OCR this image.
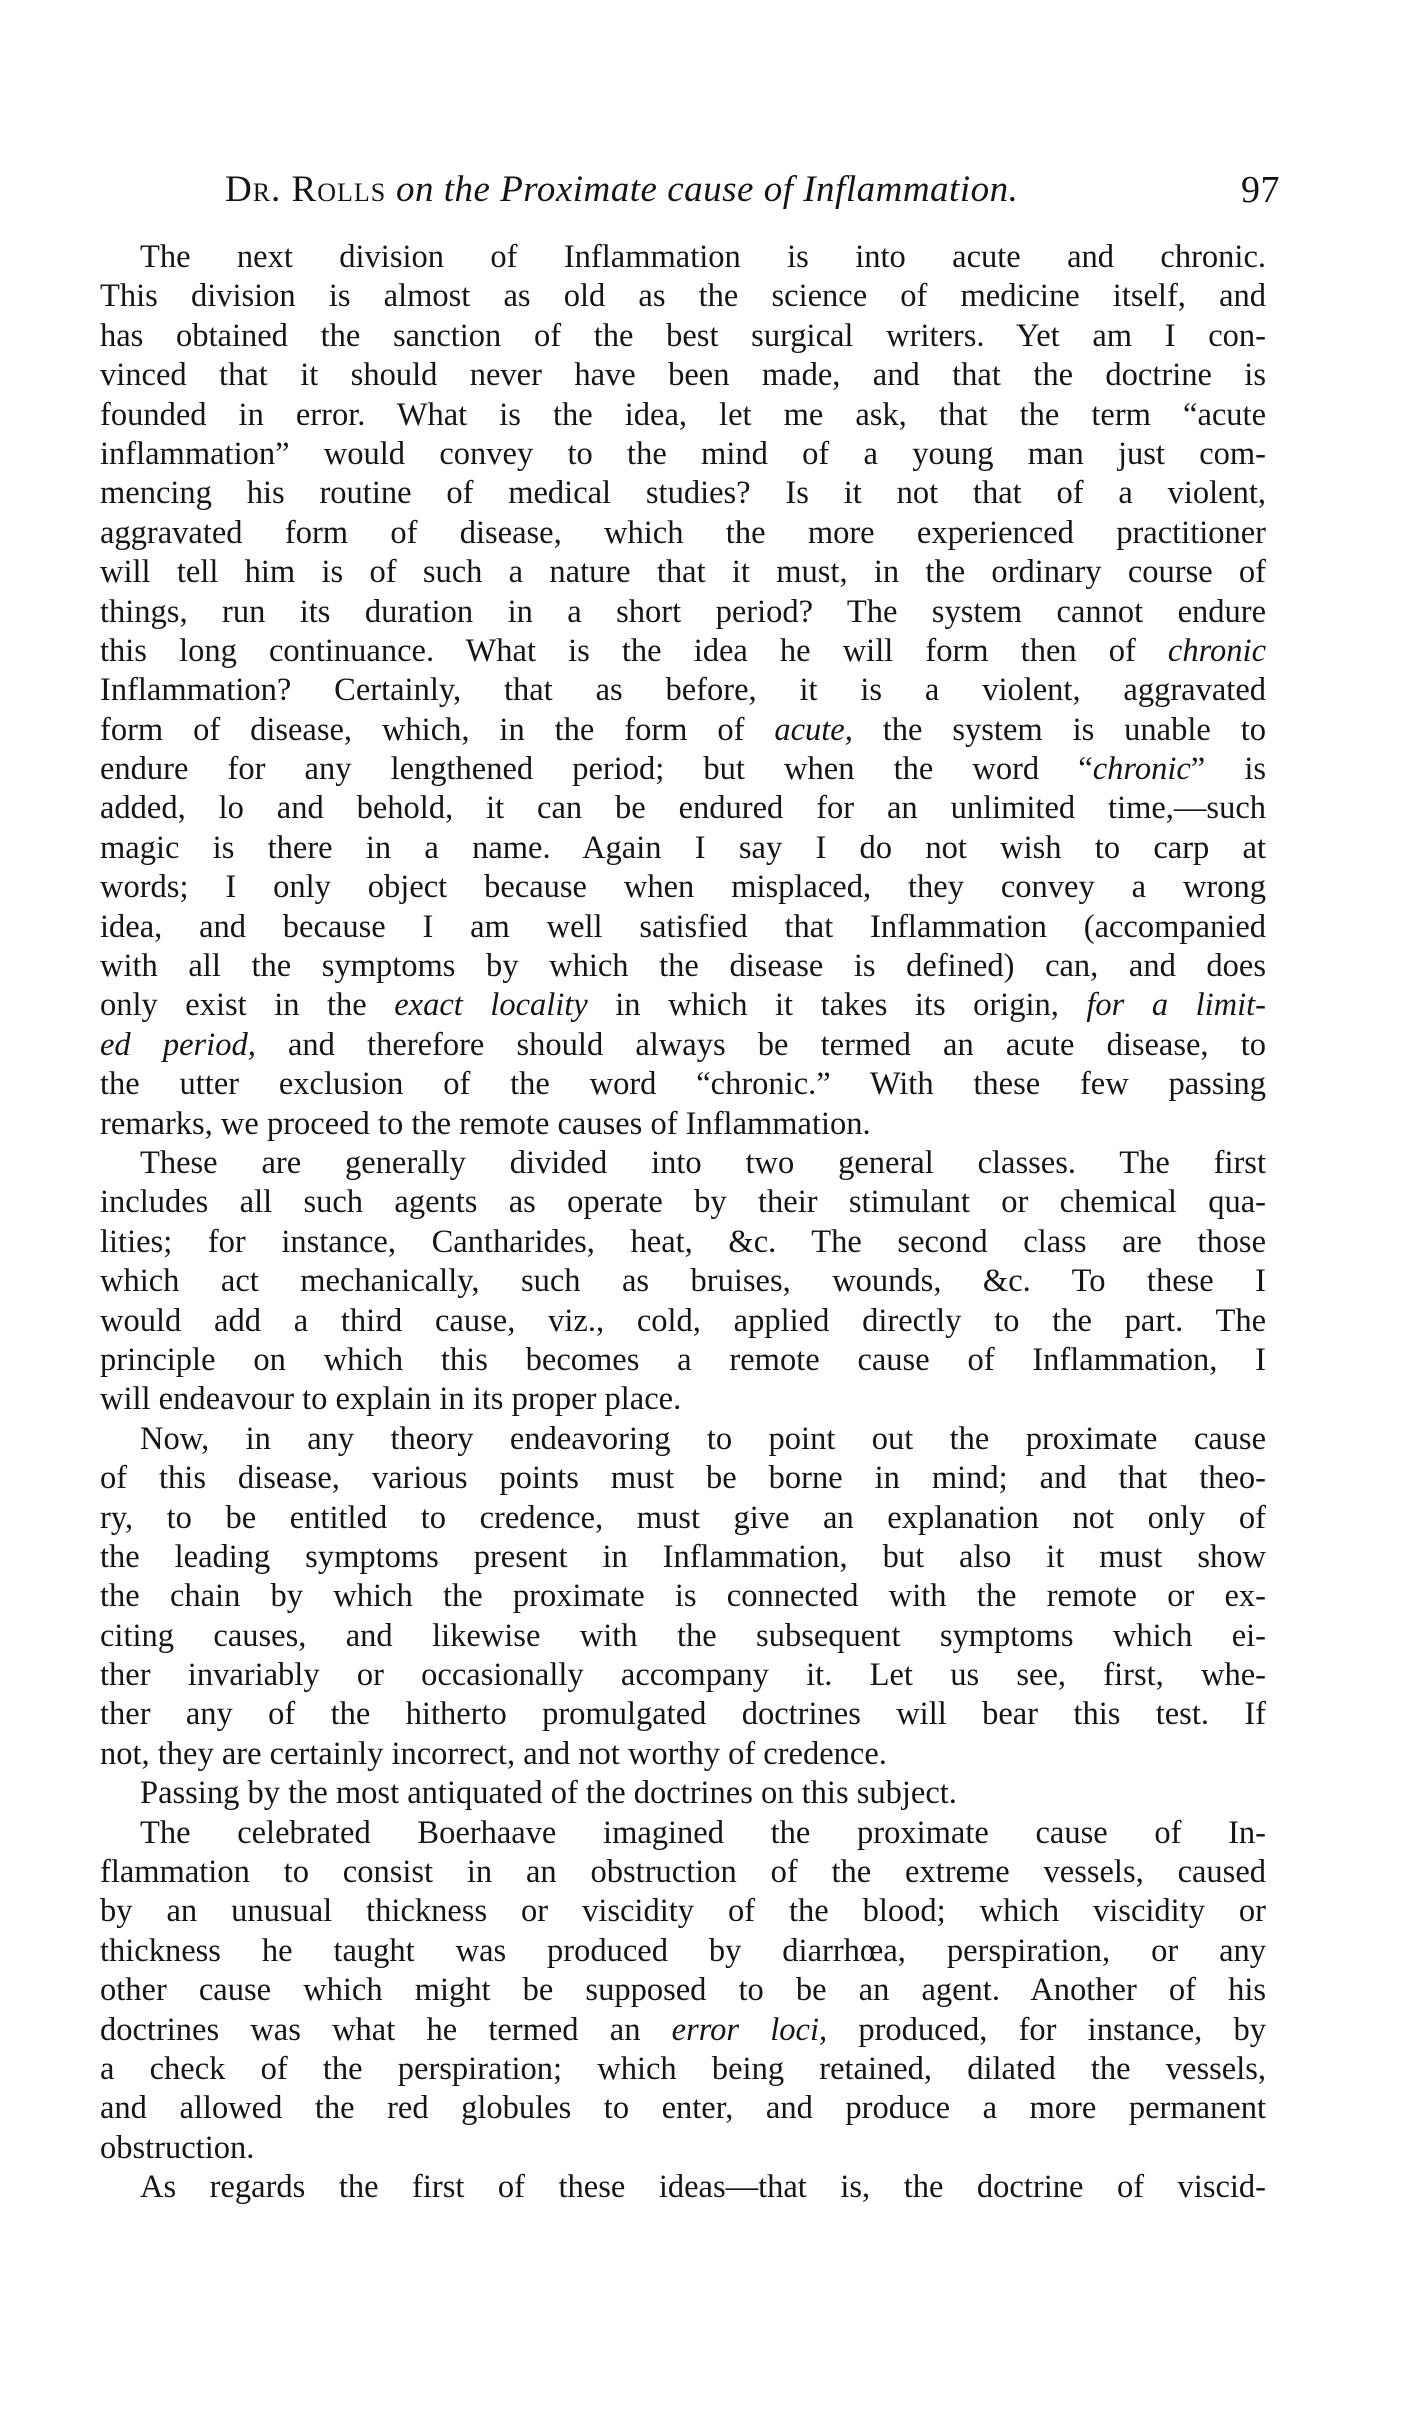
Dr. Rolls on the Proximate cause of Inflammation.	97
The next division of Inflammation is into acute and chronic.
This division is almost as old as the science of medicine itself, and
has obtained the sanction of the best surgical writers. Yet am I con-
vinced that it should never have been made, and that the doctrine is
founded in error. What is the idea, let me ask, that the term “acute
inflammation” would convey to the mind of a young man just com-
mencing his routine of medical studies? Is it not that of a violent,
aggravated form of disease, which the more experienced practitioner
will tell him is of such a nature that it must, in the ordinary course of
things, run its duration in a short period? The system cannot endure
this long continuance. What is the idea he will form then of chronic
Inflammation? Certainly, that as before, it is a violent, aggravated
form of disease, which, in the form of acute, the system is unable to
endure for any lengthened period; but when the word “chronic” is
added, lo and behold, it can be endured for an unlimited time,—such
magic is there in a name. Again I say I do not wish to carp at
words; I only object because when misplaced, they convey a wrong
idea, and because I am well satisfied that Inflammation (accompanied
with all the symptoms by which the disease is defined) can, and does
only exist in the exact locality in which it takes its origin, for a limit-
ed period, and therefore should always be termed an acute disease, to
the utter exclusion of the word “chronic.” With these few passing
remarks, we proceed to the remote causes of Inflammation.
These are generally divided into two general classes. The first
includes all such agents as operate by their stimulant or chemical qua-
lities; for instance, Cantharides, heat, &c. The second class are those
which act mechanically, such as bruises, wounds, &c. To these I
would add a third cause, viz., cold, applied directly to the part. The
principle on which this becomes a remote cause of Inflammation, I
will endeavour to explain in its proper place.
Now, in any theory endeavoring to point out the proximate cause
of this disease, various points must be borne in mind; and that theo-
ry, to be entitled to credence, must give an explanation not only of
the leading symptoms present in Inflammation, but also it must show
the chain by which the proximate is connected with the remote or ex-
citing causes, and likewise with the subsequent symptoms which ei-
ther invariably or occasionally accompany it. Let us see, first, whe-
ther any of the hitherto promulgated doctrines will bear this test. If
not, they are certainly incorrect, and not worthy of credence.
Passing by the most antiquated of the doctrines on this subject.
The celebrated Boerhaave imagined the proximate cause of In-
flammation to consist in an obstruction of the extreme vessels, caused
by an unusual thickness or viscidity of the blood; which viscidity or
thickness he taught was produced by diarrhœa, perspiration, or any
other cause which might be supposed to be an agent. Another of his
doctrines was what he termed an error loci, produced, for instance, by
a check of the perspiration; which being retained, dilated the vessels,
and allowed the red globules to enter, and produce a more permanent
obstruction.
As regards the first of these ideas—that is, the doctrine of viscid-
